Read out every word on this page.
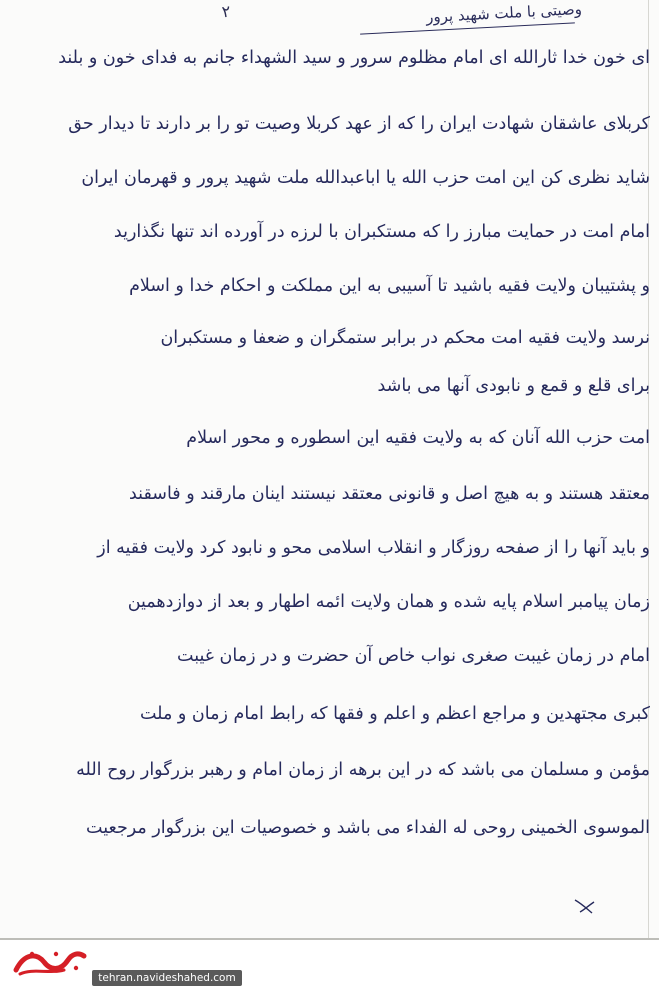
۲	وصیتی با ملت شهید پرور
ای خون خدا ثارالله ای امام مظلوم سرور و سید الشهداء جانم به فدای خون و بلند
کربلای عاشقان شهادت ایران را که از عهد کربلا وصیت تو را بر دارند تا دیدار حق
شاید نظری کن این امت حزب الله یا اباعبدالله ملت شهید پرور و قهرمان ایران
امام امت در حمایت مبارز را که مستکبران با لرزه در آورده اند تنها نگذارید
و پشتیبان ولایت فقیه باشید تا آسیبی به این مملکت و احکام خدا و اسلام
نرسد ولایت فقیه امت محکم در برابر ستمگران و ضعفا و مستکبران
برای قلع و قمع و نابودی آنها می باشد
امت حزب الله آنان که به ولایت فقیه این اسطوره و محور اسلام
معتقد هستند و به هیچ اصل و قانونی معتقد نیستند اینان مارقند و فاسقند
و باید آنها را از صفحه روزگار و انقلاب اسلامی محو و نابود کرد ولایت فقیه از
زمان پیامبر اسلام پایه شده و همان ولایت ائمه اطهار و بعد از دوازدهمین
امام در زمان غیبت صغری نواب خاص آن حضرت و در زمان غیبت
کبری مجتهدین و مراجع اعظم و اعلم و فقها که رابط امام زمان و ملت
مؤمن و مسلمان می باشد که در این برهه از زمان امام و رهبر بزرگوار روح الله
الموسوی الخمینی روحی له الفداء می باشد و خصوصیات این بزرگوار مرجعیت
tehran.navideshahed.com
